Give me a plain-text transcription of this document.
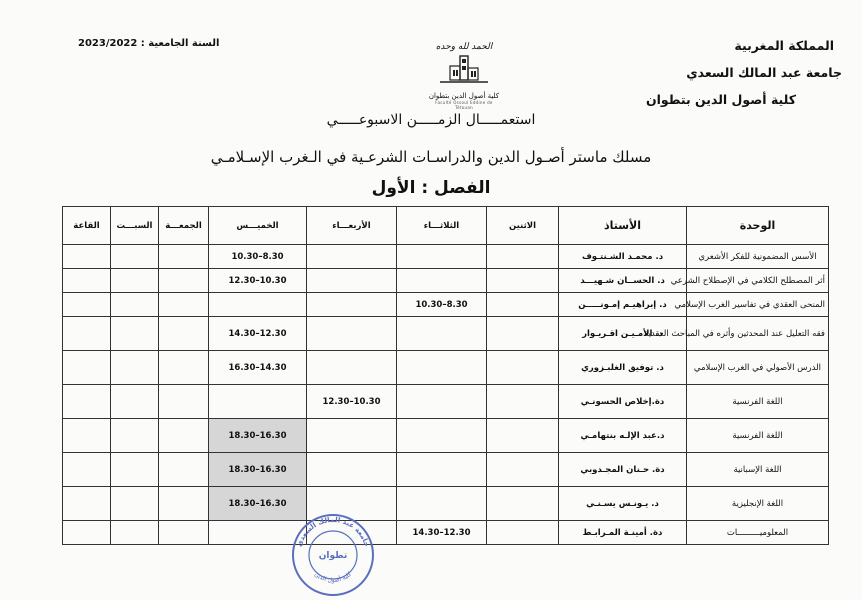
المملكة المغربية
جامعة عبد المالك السعدي
كلية أصول الدين بتطوان
السنة الجامعية : 2023/2022	الحمد لله وحده
كلية أصول الدين بتطوان
Faculté Ossoul Eddine de Tétouan
استعمـــــال الزمـــــن الاسبوعـــــي
مسلك ماستر أصـول الدين والدراسـات الشرعـية في الـغرب الإسـلامـي
الفصل : الأول
الوحدة	الأستاذ	الاثنين	الثلاثـــاء	الأربعـــاء	الخميـــس	الجمعـــة	السبـــت	القاعة
الأسس المضمونية للفكر الأشعري	د. محمـد الشـنتـوف				8.30–10.30			
أثر المصطلح الكلامي في الإصطلاح الشرعي	د. الحســان شـهيـــد				10.30–12.30			
المنحى العقدي في تفاسير الغرب الإسلامي	د. إبراهيـم إمـونـــــن		8.30–10.30					
فقه التعليل عند المحدثين وأثره في المباحث العقدية	د. الأمـيـن اقـريـوار				12.30–14.30			
الدرس الأصولي في الغرب الإسلامي	د. توفيق الغلبـزوري				14.30–16.30			
اللغة الفرنسية	دة.إخلاص الحسونـي			10.30–12.30				
اللغة الفرنسية	د.عبد الإلـه بنتهامـي				16.30–18.30			
اللغة الإسبانية	دة. حـنان المجـدوبي				16.30–18.30			
اللغة الإنجليزية	د. يـونـس يسـنـي				16.30–18.30			
المعلوميـــــــــات	دة. أمينـة المـرابـط		12.30–14.30					
جامعة عبد المالك السعدي
كلية أصول الدين
تطوان
